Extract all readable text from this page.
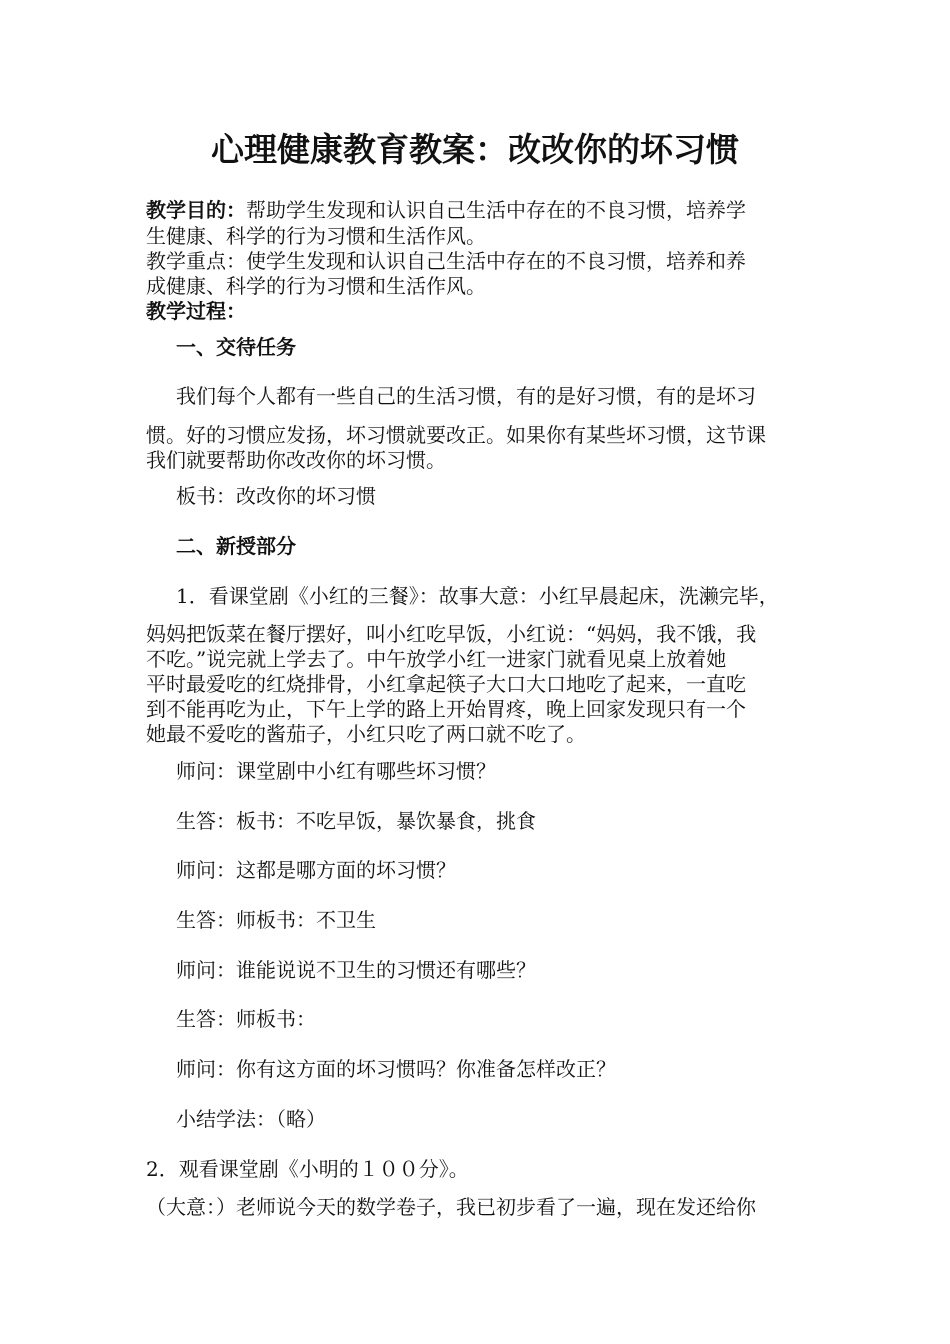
心理健康教育教案：改改你的坏习惯
教学目的：帮助学生发现和认识自己生活中存在的不良习惯，培养学
生健康、科学的行为习惯和生活作风。
教学重点：使学生发现和认识自己生活中存在的不良习惯，培养和养
成健康、科学的行为习惯和生活作风。
教学过程：
一、交待任务
我们每个人都有一些自己的生活习惯，有的是好习惯，有的是坏习
惯。好的习惯应发扬，坏习惯就要改正。如果你有某些坏习惯，这节课
我们就要帮助你改改你的坏习惯。
板书：改改你的坏习惯
二、新授部分
1．看课堂剧《小红的三餐》：故事大意：小红早晨起床，洗濑完毕，
妈妈把饭菜在餐厅摆好，叫小红吃早饭，小红说：“妈妈，我不饿，我
不吃。”说完就上学去了。中午放学小红一进家门就看见桌上放着她
平时最爱吃的红烧排骨，小红拿起筷子大口大口地吃了起来，一直吃
到不能再吃为止，下午上学的路上开始胃疼，晚上回家发现只有一个
她最不爱吃的酱茄子，小红只吃了两口就不吃了。
师问：课堂剧中小红有哪些坏习惯？
生答：板书：不吃早饭，暴饮暴食，挑食
师问：这都是哪方面的坏习惯？
生答：师板书：不卫生
师问：谁能说说不卫生的习惯还有哪些？
生答：师板书：
师问：你有这方面的坏习惯吗？你准备怎样改正？
小结学法：（略）
2．观看课堂剧《小明的１００分》。
（大意：）老师说今天的数学卷子，我已初步看了一遍，现在发还给你
